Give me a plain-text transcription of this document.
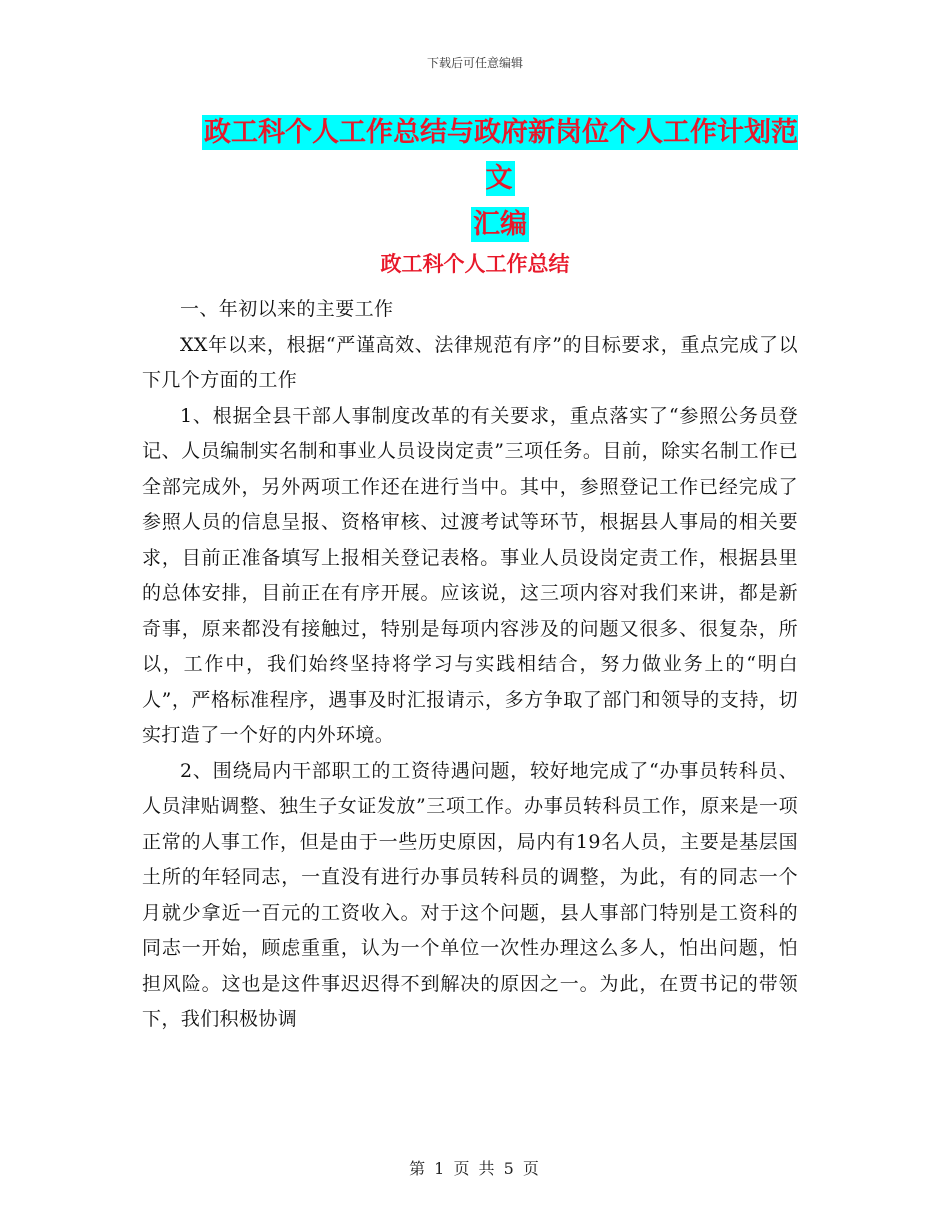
下载后可任意编辑
政工科个人工作总结与政府新岗位个人工作计划范文
汇编
政工科个人工作总结

一、年初以来的主要工作

XX年以来，根据“严谨高效、法律规范有序”的目标要求，重点完成了以下几个方面的工作

1、根据全县干部人事制度改革的有关要求，重点落实了“参照公务员登记、人员编制实名制和事业人员设岗定责”三项任务。目前，除实名制工作已全部完成外，另外两项工作还在进行当中。其中，参照登记工作已经完成了参照人员的信息呈报、资格审核、过渡考试等环节，根据县人事局的相关要求，目前正准备填写上报相关登记表格。事业人员设岗定责工作，根据县里的总体安排，目前正在有序开展。应该说，这三项内容对我们来讲，都是新奇事，原来都没有接触过，特别是每项内容涉及的问题又很多、很复杂，所以，工作中，我们始终坚持将学习与实践相结合，努力做业务上的“明白人”，严格标准程序，遇事及时汇报请示，多方争取了部门和领导的支持，切实打造了一个好的内外环境。

2、围绕局内干部职工的工资待遇问题，较好地完成了“办事员转科员、人员津贴调整、独生子女证发放”三项工作。办事员转科员工作，原来是一项正常的人事工作，但是由于一些历史原因，局内有19名人员，主要是基层国土所的年轻同志，一直没有进行办事员转科员的调整，为此，有的同志一个月就少拿近一百元的工资收入。对于这个问题，县人事部门特别是工资科的同志一开始，顾虑重重，认为一个单位一次性办理这么多人，怕出问题，怕担风险。这也是这件事迟迟得不到解决的原因之一。为此，在贾书记的带领下，我们积极协调

第 1 页 共 5 页
